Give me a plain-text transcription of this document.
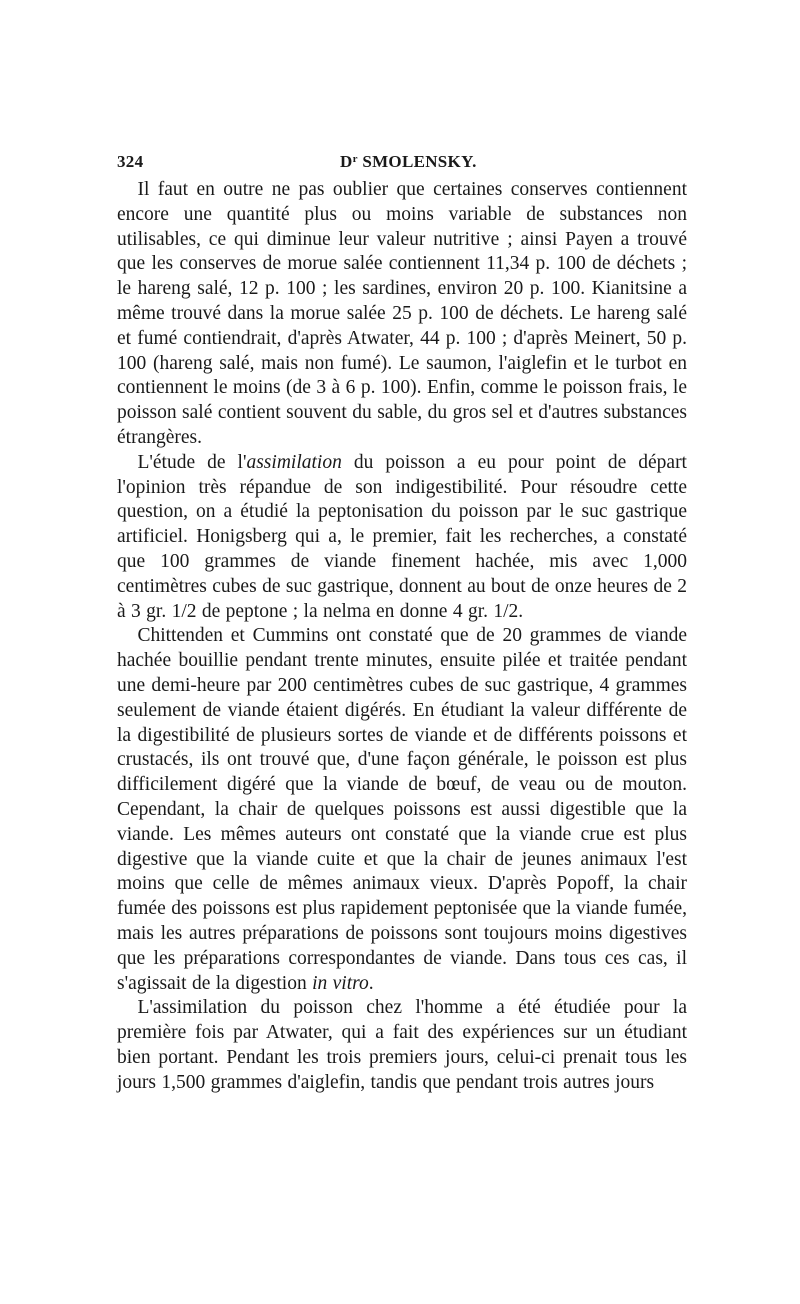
324	$D^r$ SMOLENSKY.

Il faut en outre ne pas oublier que certaines conserves contiennent encore une quantité plus ou moins variable de substances non utilisables, ce qui diminue leur valeur nutritive ; ainsi Payen a trouvé que les conserves de morue salée contiennent 11,34 p. 100 de déchets ; le hareng salé, 12 p. 100 ; les sardines, environ 20 p. 100. Kianitsine a même trouvé dans la morue salée 25 p. 100 de déchets. Le hareng salé et fumé contiendrait, d'après Atwater, 44 p. 100 ; d'après Meinert, 50 p. 100 (hareng salé, mais non fumé). Le saumon, l'aiglefin et le turbot en contiennent le moins (de 3 à 6 p. 100). Enfin, comme le poisson frais, le poisson salé contient souvent du sable, du gros sel et d'autres substances étrangères.

L'étude de l'assimilation du poisson a eu pour point de départ l'opinion très répandue de son indigestibilité. Pour résoudre cette question, on a étudié la peptonisation du poisson par le suc gastrique artificiel. Honigsberg qui a, le premier, fait les recherches, a constaté que 100 grammes de viande finement hachée, mis avec 1,000 centimètres cubes de suc gastrique, donnent au bout de onze heures de 2 à 3 gr. 1/2 de peptone ; la nelma en donne 4 gr. 1/2.

Chittenden et Cummins ont constaté que de 20 grammes de viande hachée bouillie pendant trente minutes, ensuite pilée et traitée pendant une demi-heure par 200 centimètres cubes de suc gastrique, 4 grammes seulement de viande étaient digérés. En étudiant la valeur différente de la digestibilité de plusieurs sortes de viande et de différents poissons et crustacés, ils ont trouvé que, d'une façon générale, le poisson est plus difficilement digéré que la viande de bœuf, de veau ou de mouton. Cependant, la chair de quelques poissons est aussi digestible que la viande. Les mêmes auteurs ont constaté que la viande crue est plus digestive que la viande cuite et que la chair de jeunes animaux l'est moins que celle de mêmes animaux vieux. D'après Popoff, la chair fumée des poissons est plus rapidement peptonisée que la viande fumée, mais les autres préparations de poissons sont toujours moins digestives que les préparations correspondantes de viande. Dans tous ces cas, il s'agissait de la digestion in vitro.

L'assimilation du poisson chez l'homme a été étudiée pour la première fois par Atwater, qui a fait des expériences sur un étudiant bien portant. Pendant les trois premiers jours, celui-ci prenait tous les jours 1,500 grammes d'aiglefin, tandis que pendant trois autres jours
